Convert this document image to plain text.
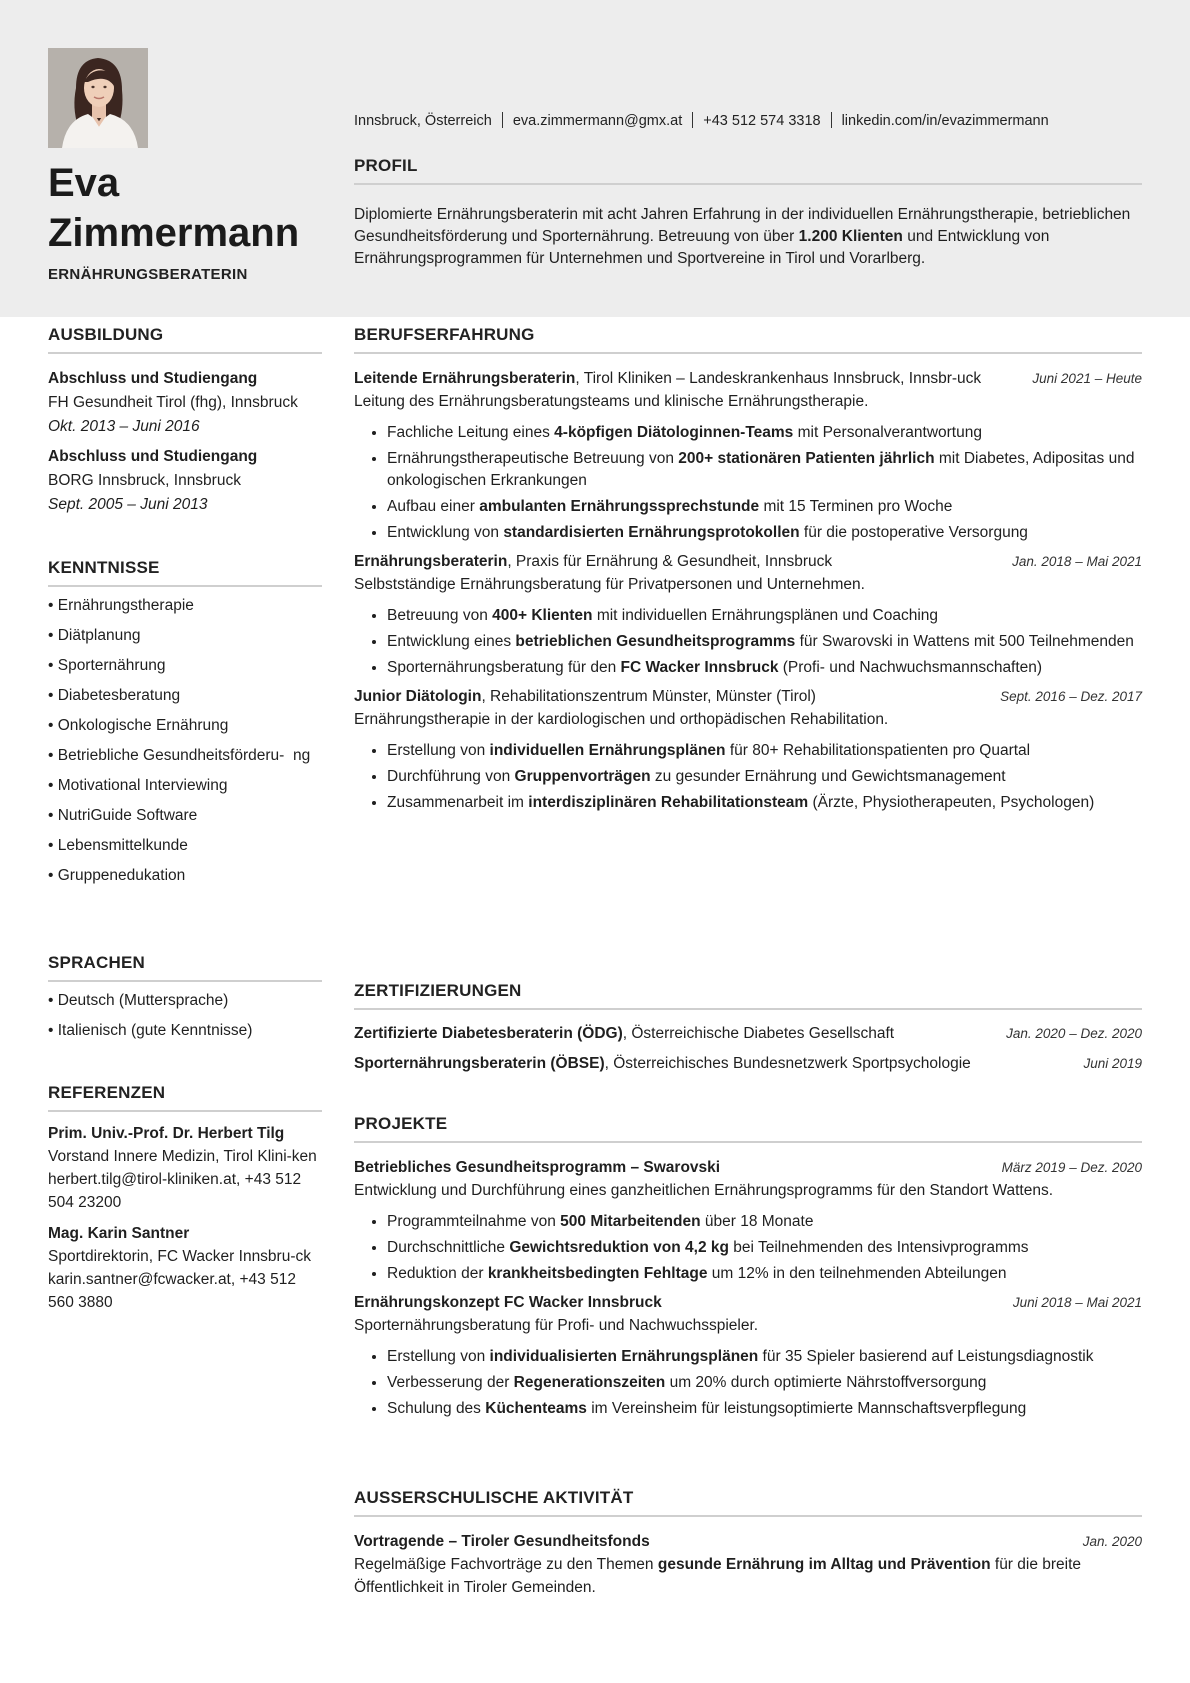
Eva
Zimmermann
ERNÄHRUNGSBERATERIN
Innsbruck, Österreich eva.zimmermann@gmx.at +43 512 574 3318 linkedin.com/in/evazimmermann
PROFIL
Diplomierte Ernährungsberaterin mit acht Jahren Erfahrung in der individuellen Ernährungstherapie, betrieblichen Gesundheitsförderung und Sporternährung. Betreuung von über 1.200 Klienten und Entwicklung von Ernährungsprogrammen für Unternehmen und Sportvereine in Tirol und Vorarlberg.
AUSBILDUNG
Abschluss und Studiengang
FH Gesundheit Tirol (fhg), Innsbruck
Okt. 2013 – Juni 2016
Abschluss und Studiengang
BORG Innsbruck, Innsbruck
Sept. 2005 – Juni 2013
KENNTNISSE
• Ernährungstherapie
• Diätplanung
• Sporternährung
• Diabetesberatung
• Onkologische Ernährung
• Betriebliche Gesundheitsförderu-  ng
• Motivational Interviewing
• NutriGuide Software
• Lebensmittelkunde
• Gruppenedukation
SPRACHEN
• Deutsch (Muttersprache)
• Italienisch (gute Kenntnisse)
REFERENZEN
Prim. Univ.-Prof. Dr. Herbert Tilg
Vorstand Innere Medizin, Tirol Klini-ken
herbert.tilg@tirol-kliniken.at, +43 512 504 23200
Mag. Karin Santner
Sportdirektorin, FC Wacker Innsbru-ck
karin.santner@fcwacker.at, +43 512 560 3880
BERUFSERFAHRUNG
Leitende Ernährungsberaterin, Tirol Kliniken – Landeskrankenhaus Innsbruck, Innsbr-uck	Juni 2021 – Heute
Leitung des Ernährungsberatungsteams und klinische Ernährungstherapie.
• Fachliche Leitung eines 4-köpfigen Diätologinnen-Teams mit Personalverantwortung
• Ernährungstherapeutische Betreuung von 200+ stationären Patienten jährlich mit Diabetes, Adipositas und onkologischen Erkrankungen
• Aufbau einer ambulanten Ernährungssprechstunde mit 15 Terminen pro Woche
• Entwicklung von standardisierten Ernährungsprotokollen für die postoperative Versorgung
Ernährungsberaterin, Praxis für Ernährung & Gesundheit, Innsbruck	Jan. 2018 – Mai 2021
Selbstständige Ernährungsberatung für Privatpersonen und Unternehmen.
• Betreuung von 400+ Klienten mit individuellen Ernährungsplänen und Coaching
• Entwicklung eines betrieblichen Gesundheitsprogramms für Swarovski in Wattens mit 500 Teilnehmenden
• Sporternährungsberatung für den FC Wacker Innsbruck (Profi- und Nachwuchsmannschaften)
Junior Diätologin, Rehabilitationszentrum Münster, Münster (Tirol)	Sept. 2016 – Dez. 2017
Ernährungstherapie in der kardiologischen und orthopädischen Rehabilitation.
• Erstellung von individuellen Ernährungsplänen für 80+ Rehabilitationspatienten pro Quartal
• Durchführung von Gruppenvorträgen zu gesunder Ernährung und Gewichtsmanagement
• Zusammenarbeit im interdisziplinären Rehabilitationsteam (Ärzte, Physiotherapeuten, Psychologen)
ZERTIFIZIERUNGEN
Zertifizierte Diabetesberaterin (ÖDG), Österreichische Diabetes Gesellschaft	Jan. 2020 – Dez. 2020
Sporternährungsberaterin (ÖBSE), Österreichisches Bundesnetzwerk Sportpsychologie	Juni 2019
PROJEKTE
Betriebliches Gesundheitsprogramm – Swarovski	März 2019 – Dez. 2020
Entwicklung und Durchführung eines ganzheitlichen Ernährungsprogramms für den Standort Wattens.
• Programmteilnahme von 500 Mitarbeitenden über 18 Monate
• Durchschnittliche Gewichtsreduktion von 4,2 kg bei Teilnehmenden des Intensivprogramms
• Reduktion der krankheitsbedingten Fehltage um 12% in den teilnehmenden Abteilungen
Ernährungskonzept FC Wacker Innsbruck	Juni 2018 – Mai 2021
Sporternährungsberatung für Profi- und Nachwuchsspieler.
• Erstellung von individualisierten Ernährungsplänen für 35 Spieler basierend auf Leistungsdiagnostik
• Verbesserung der Regenerationszeiten um 20% durch optimierte Nährstoffversorgung
• Schulung des Küchenteams im Vereinsheim für leistungsoptimierte Mannschaftsverpflegung
AUSSERSCHULISCHE AKTIVITÄT
Vortragende – Tiroler Gesundheitsfonds	Jan. 2020
Regelmäßige Fachvorträge zu den Themen gesunde Ernährung im Alltag und Prävention für die breite Öffentlichkeit in Tiroler Gemeinden.
